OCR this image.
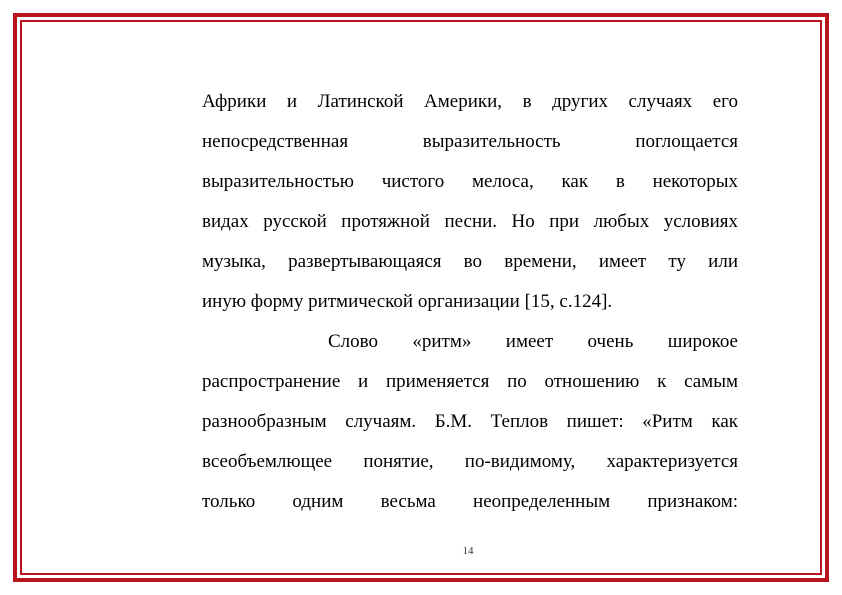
Африки и Латинской Америки, в других случаях его
непосредственная выразительность поглощается
выразительностью чистого мелоса, как в некоторых
видах русской протяжной песни. Но при любых условиях
музыка, развертывающаяся во времени, имеет ту или
иную форму ритмической организации [15, с.124].
Слово «ритм» имеет очень широкое
распространение и применяется по отношению к самым
разнообразным случаям. Б.М. Теплов пишет: «Ритм как
всеобъемлющее понятие, по-видимому, характеризуется
только одним весьма неопределенным признаком:
14
